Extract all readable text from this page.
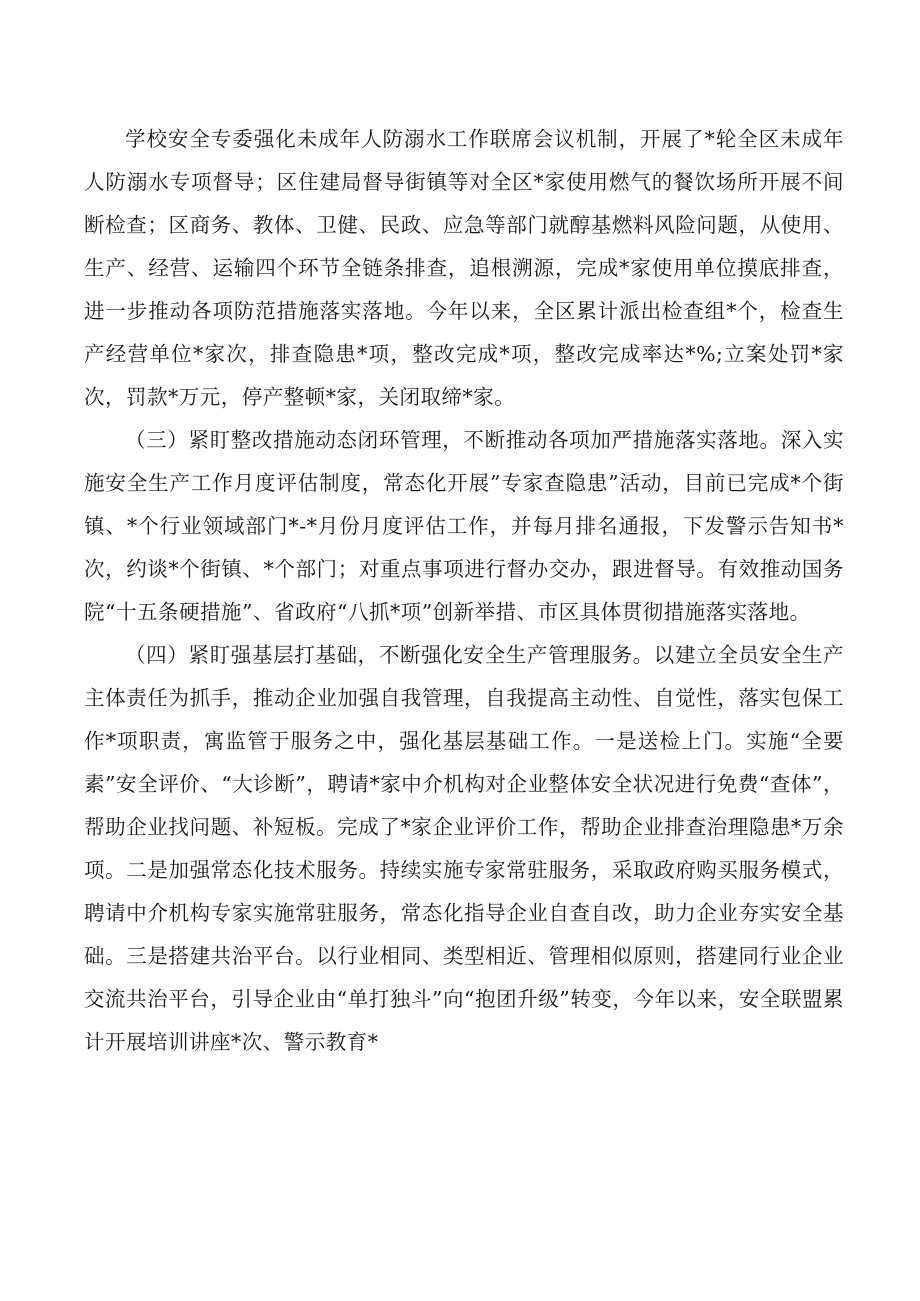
学校安全专委强化未成年人防溺水工作联席会议机制，开展了*轮全区未成年人防溺水专项督导；区住建局督导街镇等对全区*家使用燃气的餐饮场所开展不间断检查；区商务、教体、卫健、民政、应急等部门就醇基燃料风险问题，从使用、生产、经营、运输四个环节全链条排查，追根溯源，完成*家使用单位摸底排查，进一步推动各项防范措施落实落地。今年以来，全区累计派出检查组*个，检查生产经营单位*家次，排查隐患*项，整改完成*项，整改完成率达*%;立案处罚*家次，罚款*万元，停产整顿*家，关闭取缔*家。

（三）紧盯整改措施动态闭环管理，不断推动各项加严措施落实落地。深入实施安全生产工作月度评估制度，常态化开展”专家查隐患”活动，目前已完成*个街镇、*个行业领域部门*-*月份月度评估工作，并每月排名通报，下发警示告知书*次，约谈*个街镇、*个部门；对重点事项进行督办交办，跟进督导。有效推动国务院“十五条硬措施”、省政府“八抓*项”创新举措、市区具体贯彻措施落实落地。

（四）紧盯强基层打基础，不断强化安全生产管理服务。以建立全员安全生产主体责任为抓手，推动企业加强自我管理，自我提高主动性、自觉性，落实包保工作*项职责，寓监管于服务之中，强化基层基础工作。一是送检上门。实施“全要素”安全评价、“大诊断”，聘请*家中介机构对企业整体安全状况进行免费“查体”，帮助企业找问题、补短板。完成了*家企业评价工作，帮助企业排查治理隐患*万余项。二是加强常态化技术服务。持续实施专家常驻服务，采取政府购买服务模式，聘请中介机构专家实施常驻服务，常态化指导企业自查自改，助力企业夯实安全基础。三是搭建共治平台。以行业相同、类型相近、管理相似原则，搭建同行业企业交流共治平台，引导企业由“单打独斗”向“抱团升级”转变，今年以来，安全联盟累计开展培训讲座*次、警示教育*
